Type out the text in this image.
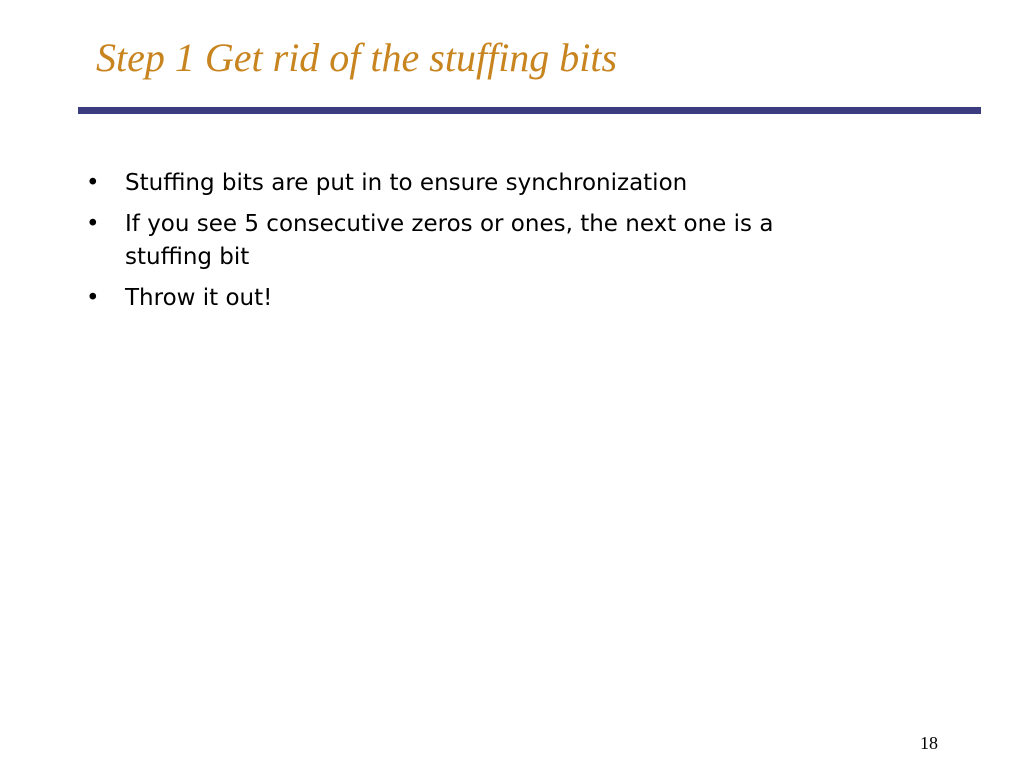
Step 1 Get rid of the stuffing bits
• Stuffing bits are put in to ensure synchronization
• If you see 5 consecutive zeros or ones, the next one is a stuffing bit
• Throw it out!
18
